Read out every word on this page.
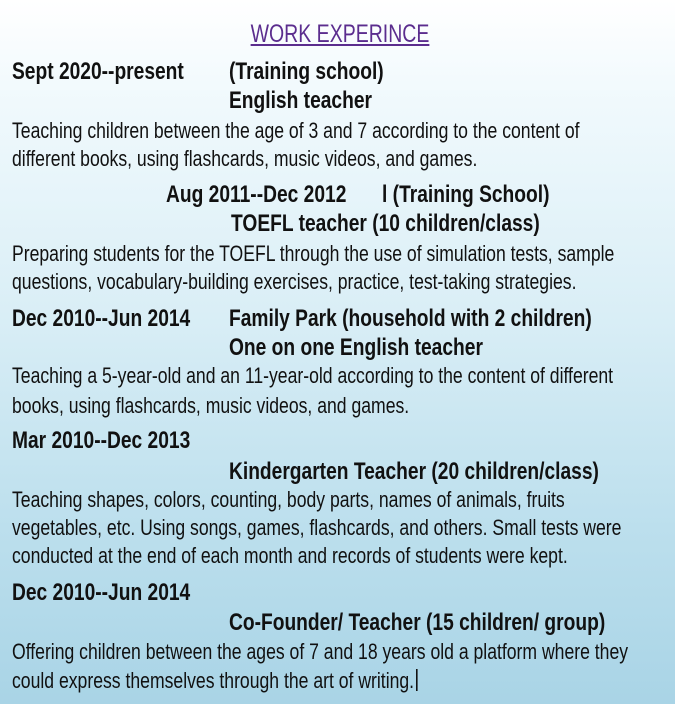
WORK EXPERINCE
Sept 2020--present (Training school)
English teacher
Teaching children between the age of 3 and 7 according to the content of
different books, using flashcards, music videos, and games.
Aug 2011--Dec 2012 l (Training School)
TOEFL teacher (10 children/class)
Preparing students for the TOEFL through the use of simulation tests, sample
questions, vocabulary-building exercises, practice, test-taking strategies.
Dec 2010--Jun 2014 Family Park (household with 2 children)
One on one English teacher
Teaching a 5-year-old and an 11-year-old according to the content of different
books, using flashcards, music videos, and games.
Mar 2010--Dec 2013
Kindergarten Teacher (20 children/class)
Teaching shapes, colors, counting, body parts, names of animals, fruits
vegetables, etc. Using songs, games, flashcards, and others. Small tests were
conducted at the end of each month and records of students were kept.
Dec 2010--Jun 2014
Co-Founder/ Teacher (15 children/ group)
Offering children between the ages of 7 and 18 years old a platform where they
could express themselves through the art of writing.
